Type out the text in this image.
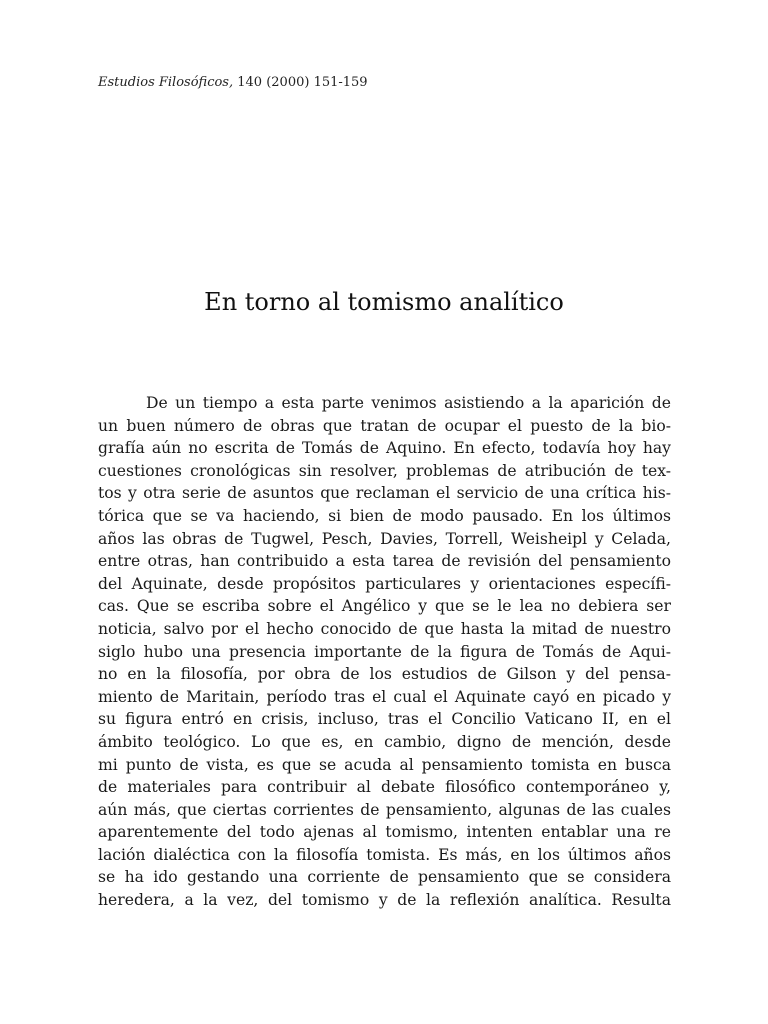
Estudios Filosóficos, 140 (2000) 151-159
En torno al tomismo analítico
De un tiempo a esta parte venimos asistiendo a la aparición de
un buen número de obras que tratan de ocupar el puesto de la bio-
grafía aún no escrita de Tomás de Aquino. En efecto, todavía hoy hay
cuestiones cronológicas sin resolver, problemas de atribución de tex-
tos y otra serie de asuntos que reclaman el servicio de una crítica his-
tórica que se va haciendo, si bien de modo pausado. En los últimos
años las obras de Tugwel, Pesch, Davies, Torrell, Weisheipl y Celada,
entre otras, han contribuido a esta tarea de revisión del pensamiento
del Aquinate, desde propósitos particulares y orientaciones específi-
cas. Que se escriba sobre el Angélico y que se le lea no debiera ser
noticia, salvo por el hecho conocido de que hasta la mitad de nuestro
siglo hubo una presencia importante de la figura de Tomás de Aqui-
no en la filosofía, por obra de los estudios de Gilson y del pensa-
miento de Maritain, período tras el cual el Aquinate cayó en picado y
su figura entró en crisis, incluso, tras el Concilio Vaticano II, en el
ámbito teológico. Lo que es, en cambio, digno de mención, desde
mi punto de vista, es que se acuda al pensamiento tomista en busca
de materiales para contribuir al debate filosófico contemporáneo y,
aún más, que ciertas corrientes de pensamiento, algunas de las cuales
aparentemente del todo ajenas al tomismo, intenten entablar una re
lación dialéctica con la filosofía tomista. Es más, en los últimos años
se ha ido gestando una corriente de pensamiento que se considera
heredera, a la vez, del tomismo y de la reflexión analítica. Resulta
